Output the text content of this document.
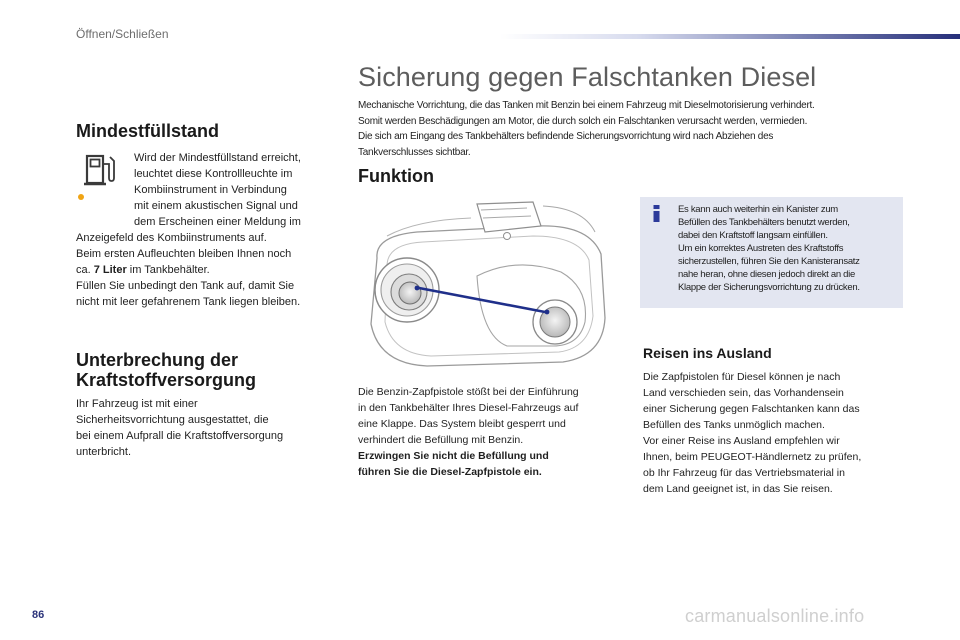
Öffnen/Schließen
Mindestfüllstand
Wird der Mindestfüllstand erreicht,
leuchtet diese Kontrollleuchte im
Kombiinstrument in Verbindung
mit einem akustischen Signal und
dem Erscheinen einer Meldung im
Anzeigefeld des Kombiinstruments auf.
Beim ersten Aufleuchten bleiben Ihnen noch
ca. 7 Liter im Tankbehälter.
Füllen Sie unbedingt den Tank auf, damit Sie
nicht mit leer gefahrenem Tank liegen bleiben.
Unterbrechung der
Kraftstoffversorgung
Ihr Fahrzeug ist mit einer
Sicherheitsvorrichtung ausgestattet, die
bei einem Aufprall die Kraftstoffversorgung
unterbricht.
Sicherung gegen Falschtanken Diesel
Mechanische Vorrichtung, die das Tanken mit Benzin bei einem Fahrzeug mit Dieselmotorisierung verhindert.
Somit werden Beschädigungen am Motor, die durch solch ein Falschtanken verursacht werden, vermieden.
Die sich am Eingang des Tankbehälters befindende Sicherungsvorrichtung wird nach Abziehen des
Tankverschlusses sichtbar.
Funktion
Die Benzin-Zapfpistole stößt bei der Einführung
in den Tankbehälter Ihres Diesel-Fahrzeugs auf
eine Klappe. Das System bleibt gesperrt und
verhindert die Befüllung mit Benzin.
Erzwingen Sie nicht die Befüllung und
führen Sie die Diesel-Zapfpistole ein.
Es kann auch weiterhin ein Kanister zum
Befüllen des Tankbehälters benutzt werden,
dabei den Kraftstoff langsam einfüllen.
Um ein korrektes Austreten des Kraftstoffs
sicherzustellen, führen Sie den Kanisteransatz
nahe heran, ohne diesen jedoch direkt an die
Klappe der Sicherungsvorrichtung zu drücken.
Reisen ins Ausland
Die Zapfpistolen für Diesel können je nach
Land verschieden sein, das Vorhandensein
einer Sicherung gegen Falschtanken kann das
Befüllen des Tanks unmöglich machen.
Vor einer Reise ins Ausland empfehlen wir
Ihnen, beim PEUGEOT-Händlernetz zu prüfen,
ob Ihr Fahrzeug für das Vertriebsmaterial in
dem Land geeignet ist, in das Sie reisen.
86	carmanualsonline.info
